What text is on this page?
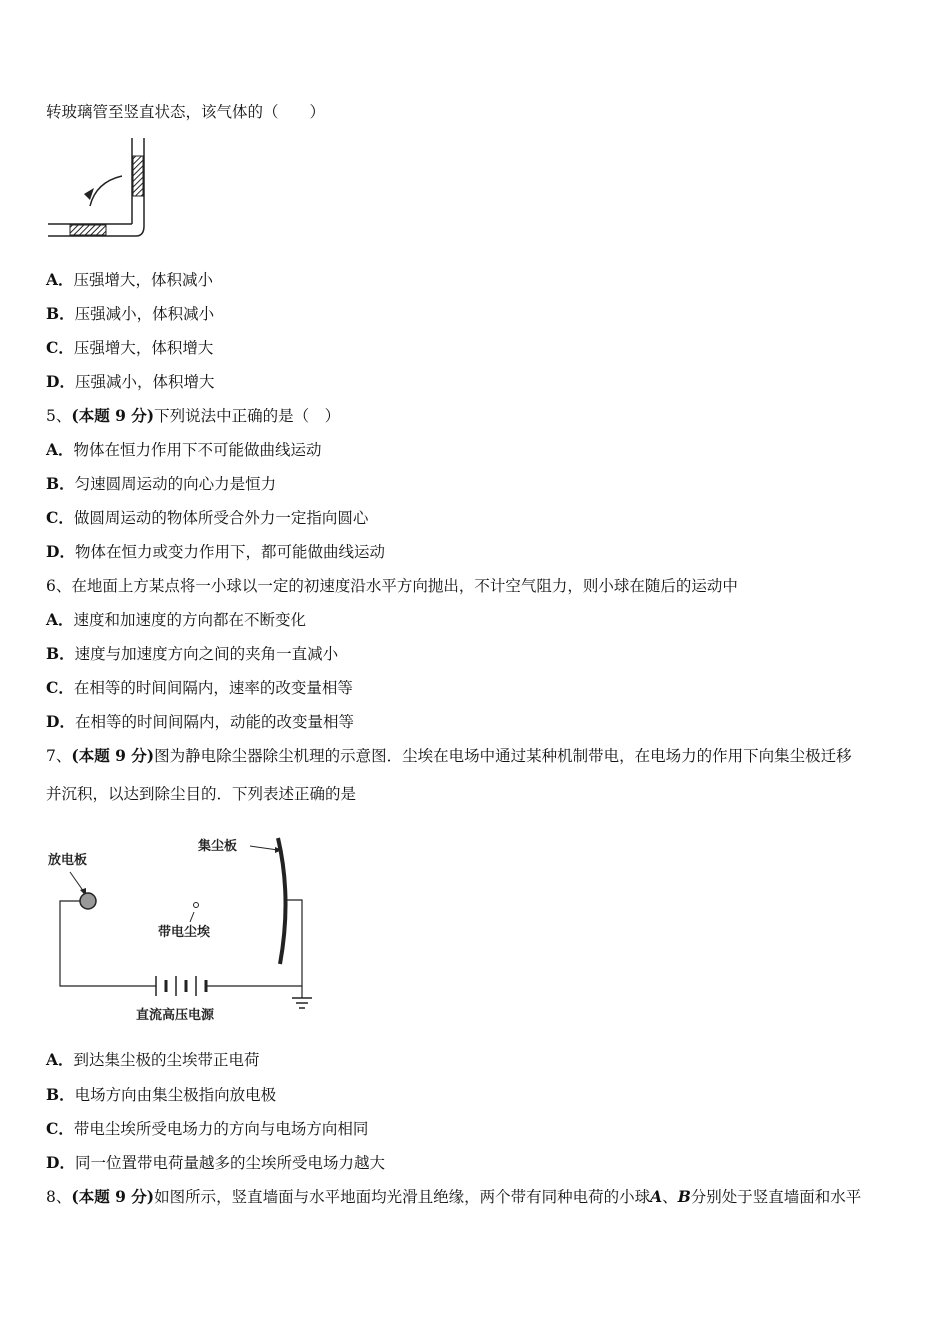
转玻璃管至竖直状态，该气体的（　　）
A．压强增大，体积减小
B．压强减小，体积减小
C．压强增大，体积增大
D．压强减小，体积增大
5、(本题 9 分)下列说法中正确的是（　）
A．物体在恒力作用下不可能做曲线运动
B．匀速圆周运动的向心力是恒力
C．做圆周运动的物体所受合外力一定指向圆心
D．物体在恒力或变力作用下，都可能做曲线运动
6、在地面上方某点将一小球以一定的初速度沿水平方向抛出，不计空气阻力，则小球在随后的运动中
A．速度和加速度的方向都在不断变化
B．速度与加速度方向之间的夹角一直减小
C．在相等的时间间隔内，速率的改变量相等
D．在相等的时间间隔内，动能的改变量相等
7、(本题 9 分)图为静电除尘器除尘机理的示意图．尘埃在电场中通过某种机制带电，在电场力的作用下向集尘极迁移
并沉积，以达到除尘目的．下列表述正确的是
放电板
集尘板
带电尘埃
直流高压电源
A．到达集尘极的尘埃带正电荷
B．电场方向由集尘极指向放电极
C．带电尘埃所受电场力的方向与电场方向相同
D．同一位置带电荷量越多的尘埃所受电场力越大
8、(本题 9 分)如图所示，竖直墙面与水平地面均光滑且绝缘，两个带有同种电荷的小球A、B分别处于竖直墙面和水平
